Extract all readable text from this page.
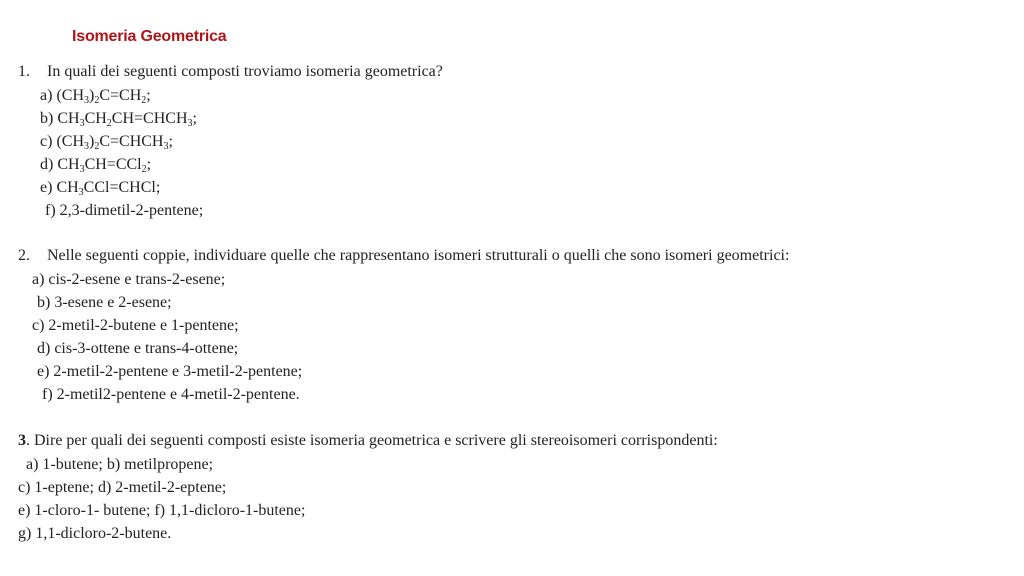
Isomeria Geometrica
1. In quali dei seguenti composti troviamo isomeria geometrica?
a) $(CH_3)_2C=CH_2$;
b) $CH_3CH_2CH=CHCH_3$;
c) $(CH_3)_2C=CHCH_3$;
d) $CH_3CH=CCl_2$;
e) $CH_3CCl=CHCl$;
f) 2,3-dimetil-2-pentene;
2. Nelle seguenti coppie, individuare quelle che rappresentano isomeri strutturali o quelli che sono isomeri geometrici:
a) cis-2-esene e trans-2-esene;
b) 3-esene e 2-esene;
c) 2-metil-2-butene e 1-pentene;
d) cis-3-ottene e trans-4-ottene;
e) 2-metil-2-pentene e 3-metil-2-pentene;
f) 2-metil2-pentene e 4-metil-2-pentene.
3. Dire per quali dei seguenti composti esiste isomeria geometrica e scrivere gli stereoisomeri corrispondenti:
a) 1-butene; b) metilpropene;
c) 1-eptene; d) 2-metil-2-eptene;
e) 1-cloro-1- butene; f) 1,1-dicloro-1-butene;
g) 1,1-dicloro-2-butene.
